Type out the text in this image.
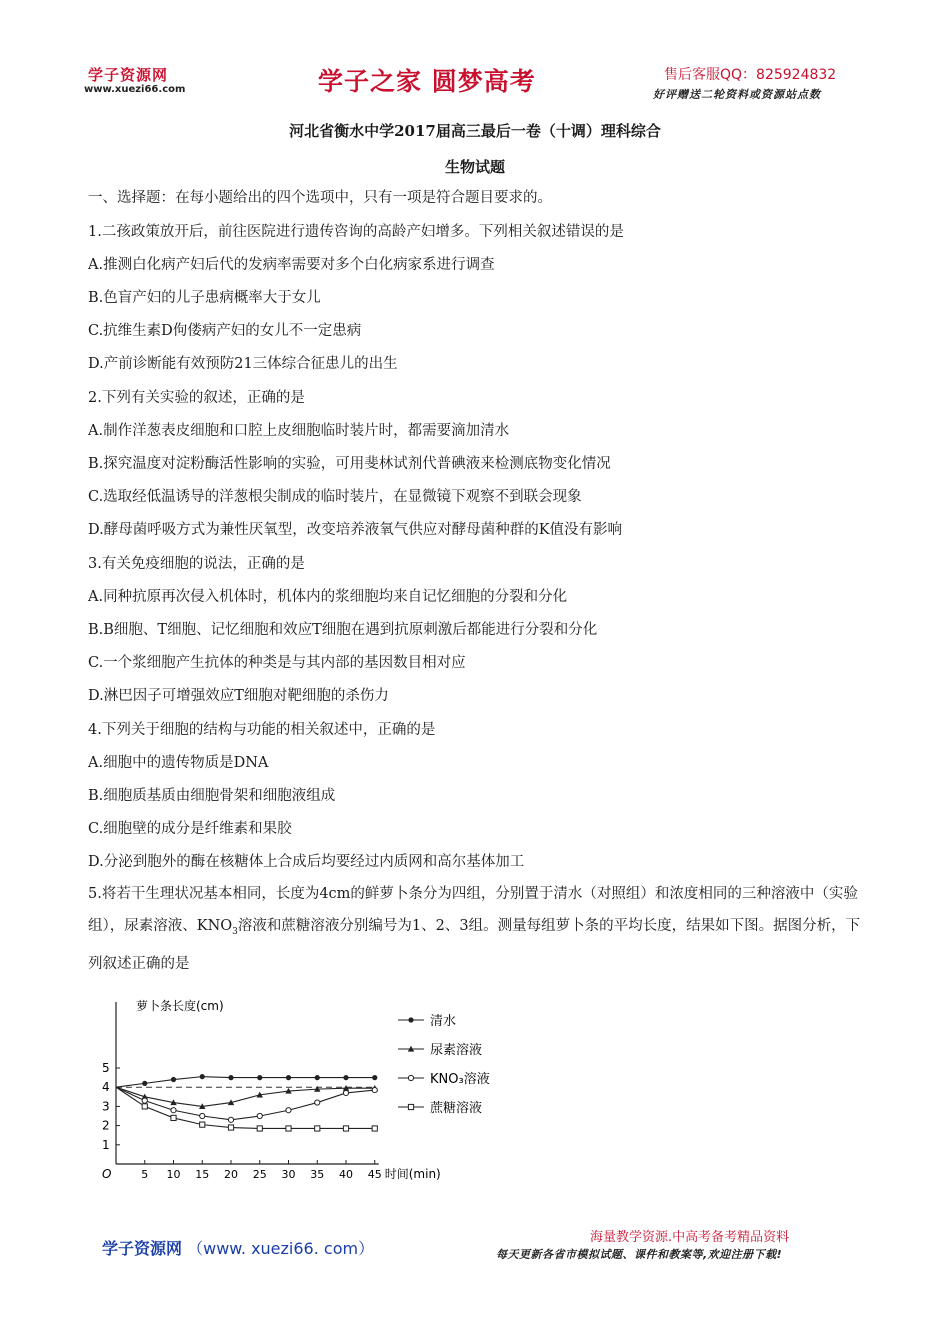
学子资源网
www.xuezi66.com	学子之家 圆梦高考	售后客服QQ：825924832
好评赠送二轮资料或资源站点数
河北省衡水中学2017届高三最后一卷（十调）理科综合
生物试题
一、选择题：在每小题给出的四个选项中，只有一项是符合题目要求的。
1.二孩政策放开后，前往医院进行遗传咨询的高龄产妇增多。下列相关叙述错误的是
A.推测白化病产妇后代的发病率需要对多个白化病家系进行调查
B.色盲产妇的儿子患病概率大于女儿
C.抗维生素D佝偻病产妇的女儿不一定患病
D.产前诊断能有效预防21三体综合征患儿的出生
2.下列有关实验的叙述，正确的是
A.制作洋葱表皮细胞和口腔上皮细胞临时装片时，都需要滴加清水
B.探究温度对淀粉酶活性影响的实验，可用斐林试剂代普碘液来检测底物变化情况
C.选取经低温诱导的洋葱根尖制成的临时装片，在显微镜下观察不到联会现象
D.酵母菌呼吸方式为兼性厌氧型，改变培养液氧气供应对酵母菌种群的K值没有影响
3.有关免疫细胞的说法，正确的是
A.同种抗原再次侵入机体时，机体内的浆细胞均来自记忆细胞的分裂和分化
B.B细胞、T细胞、记忆细胞和效应T细胞在遇到抗原刺激后都能进行分裂和分化
C.一个浆细胞产生抗体的种类是与其内部的基因数目相对应
D.淋巴因子可增强效应T细胞对靶细胞的杀伤力
4.下列关于细胞的结构与功能的相关叙述中，正确的是
A.细胞中的遗传物质是DNA
B.细胞质基质由细胞骨架和细胞液组成
C.细胞壁的成分是纤维素和果胶
D.分泌到胞外的酶在核糖体上合成后均要经过内质网和高尔基体加工
5.将若干生理状况基本相同，长度为4cm的鲜萝卜条分为四组，分别置于清水（对照组）和浓度相同的三种溶液中（实验组），尿素溶液、$KNO_3$溶液和蔗糖溶液分别编号为1、2、3组。测量每组萝卜条的平均长度，结果如下图。据图分析，下列叙述正确的是
萝卜条长度(cm)
时间(min)
O
1
2
3
4
5
5 10 15 20 25 30 35 40 45
清水
尿素溶液
KNO₃溶液
蔗糖溶液
学子资源网 （www. xuezi66. com）
海量教学资源.中高考备考精品资料
每天更新各省市模拟试题、课件和教案等,欢迎注册下载!
